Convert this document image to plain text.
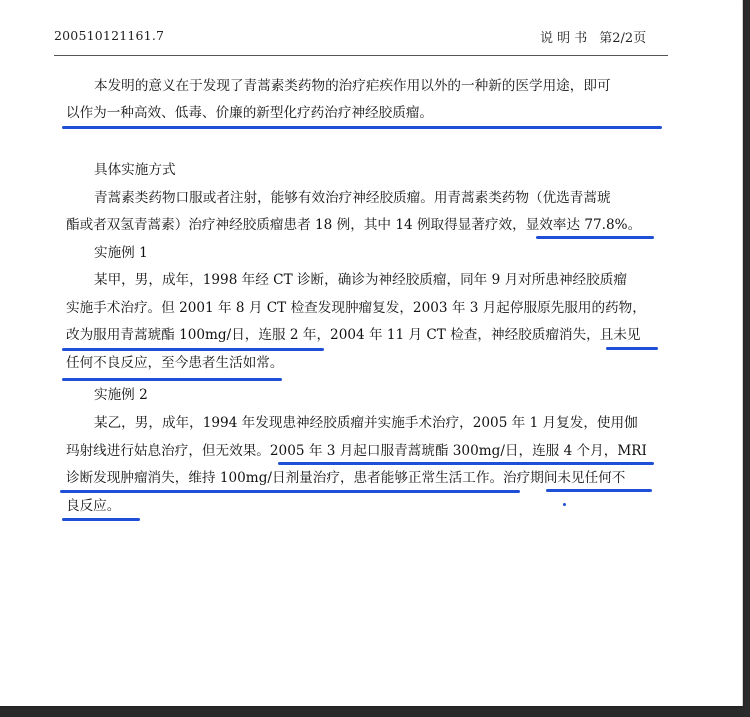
200510121161.7	说 明 书 第2/2页
本发明的意义在于发现了青蒿素类药物的治疗疟疾作用以外的一种新的医学用途，即可
以作为一种高效、低毒、价廉的新型化疗药治疗神经胶质瘤。
具体实施方式
青蒿素类药物口服或者注射，能够有效治疗神经胶质瘤。用青蒿素类药物（优选青蒿琥
酯或者双氢青蒿素）治疗神经胶质瘤患者 18 例，其中 14 例取得显著疗效，显效率达 77.8%。
实施例 1
某甲，男，成年，1998 年经 CT 诊断，确诊为神经胶质瘤，同年 9 月对所患神经胶质瘤
实施手术治疗。但 2001 年 8 月 CT 检查发现肿瘤复发，2003 年 3 月起停服原先服用的药物，
改为服用青蒿琥酯 100mg/日，连服 2 年，2004 年 11 月 CT 检查，神经胶质瘤消失，且未见
任何不良反应，至今患者生活如常。
实施例 2
某乙，男，成年，1994 年发现患神经胶质瘤并实施手术治疗，2005 年 1 月复发，使用伽
玛射线进行姑息治疗，但无效果。2005 年 3 月起口服青蒿琥酯 300mg/日，连服 4 个月，MRI
诊断发现肿瘤消失，维持 100mg/日剂量治疗，患者能够正常生活工作。治疗期间未见任何不
良反应。
